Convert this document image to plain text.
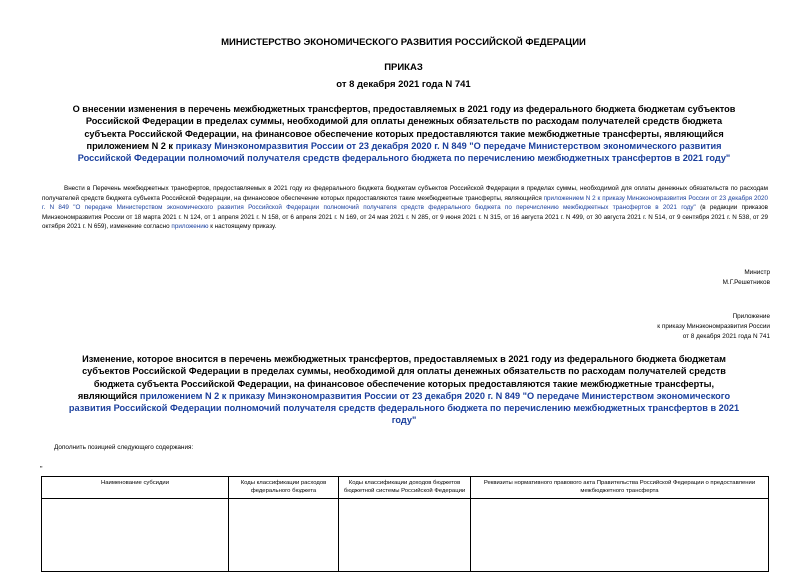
МИНИСТЕРСТВО ЭКОНОМИЧЕСКОГО РАЗВИТИЯ РОССИЙСКОЙ ФЕДЕРАЦИИ
ПРИКАЗ
от 8 декабря 2021 года N 741
О внесении изменения в перечень межбюджетных трансфертов, предоставляемых в 2021 году из федерального бюджета бюджетам субъектов Российской Федерации в пределах суммы, необходимой для оплаты денежных обязательств по расходам получателей средств бюджета субъекта Российской Федерации, на финансовое обеспечение которых предоставляются такие межбюджетные трансферты, являющийся приложением N 2 к приказу Минэкономразвития России от 23 декабря 2020 г. N 849 "О передаче Министерством экономического развития Российской Федерации полномочий получателя средств федерального бюджета по перечислению межбюджетных трансфертов в 2021 году"
Внести в Перечень межбюджетных трансфертов, предоставляемых в 2021 году из федерального бюджета бюджетам субъектов Российской Федерации в пределах суммы, необходимой для оплаты денежных обязательств по расходам получателей средств бюджета субъекта Российской Федерации, на финансовое обеспечение которых предоставляются такие межбюджетные трансферты, являющийся приложением N 2 к приказу Минэкономразвития России от 23 декабря 2020 г. N 849 "О передаче Министерством экономического развития Российской Федерации полномочий получателя средств федерального бюджета по перечислению межбюджетных трансфертов в 2021 году" (в редакции приказов Минэкономразвития России от 18 марта 2021 г. N 124, от 1 апреля 2021 г. N 158, от 6 апреля 2021 г. N 169, от 24 мая 2021 г. N 285, от 9 июня 2021 г. N 315, от 16 августа 2021 г. N 499, от 30 августа 2021 г. N 514, от 9 сентября 2021 г. N 538, от 29 октября 2021 г. N 659), изменение согласно приложению к настоящему приказу.
Министр
М.Г.Решетников
Приложение
к приказу Минэкономразвития России
от 8 декабря 2021 года N 741
Изменение, которое вносится в перечень межбюджетных трансфертов, предоставляемых в 2021 году из федерального бюджета бюджетам субъектов Российской Федерации в пределах суммы, необходимой для оплаты денежных обязательств по расходам получателей средств бюджета субъекта Российской Федерации, на финансовое обеспечение которых предоставляются такие межбюджетные трансферты, являющийся приложением N 2 к приказу Минэкономразвития России от 23 декабря 2020 г. N 849 "О передаче Министерством экономического развития Российской Федерации полномочий получателя средств федерального бюджета по перечислению межбюджетных трансфертов в 2021 году"
Дополнить позицией следующего содержания:
"
Наименование субсидии	Коды классификации расходов федерального бюджета	Коды классификации доходов бюджетов бюджетной системы Российской Федерации	Реквизиты нормативного правового акта Правительства Российской Федерации о предоставлении межбюджетного трансферта
